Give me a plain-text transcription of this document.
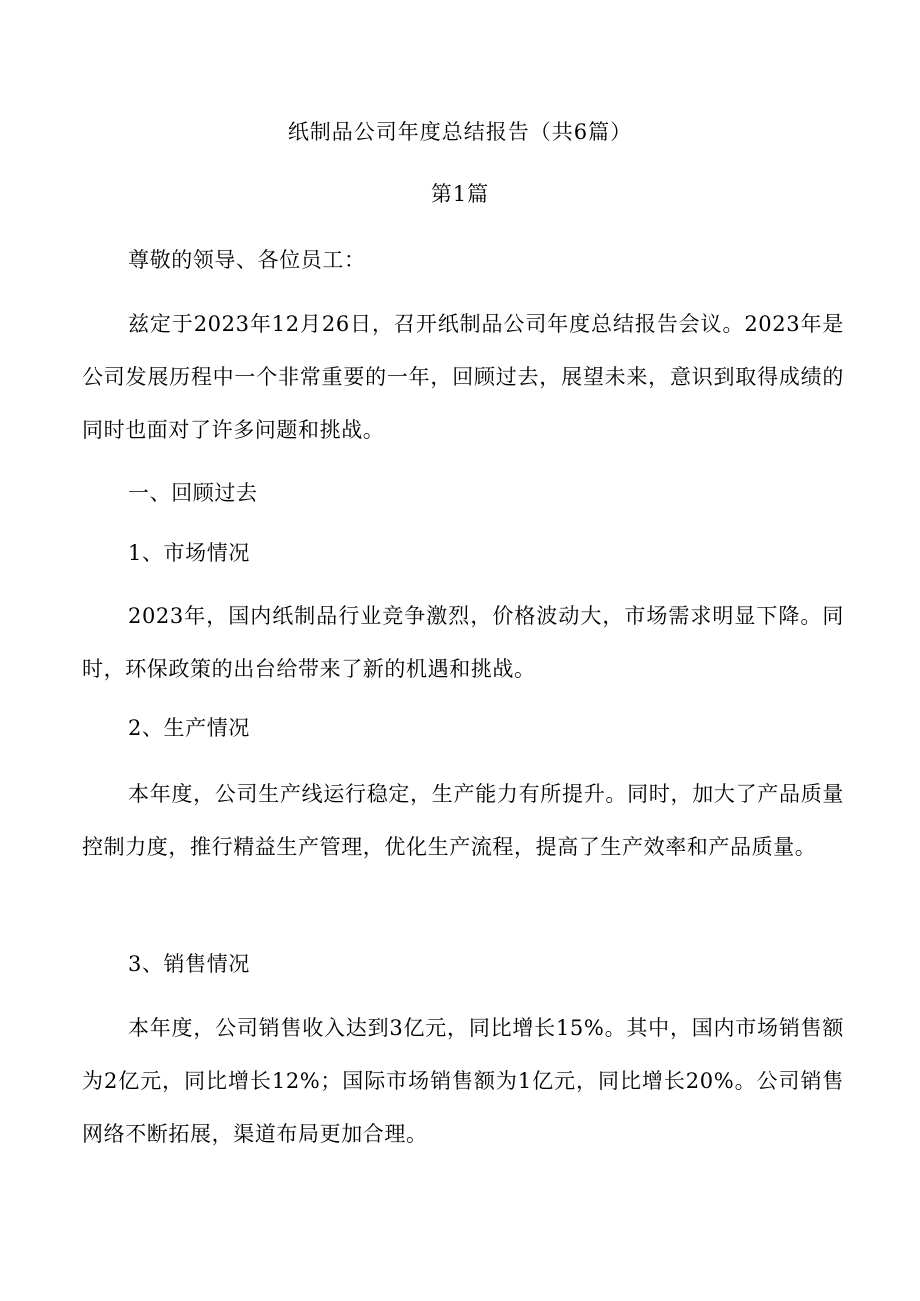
纸制品公司年度总结报告（共6篇）
第1篇
尊敬的领导、各位员工：

兹定于2023年12月26日，召开纸制品公司年度总结报告会议。2023年是公司发展历程中一个非常重要的一年，回顾过去，展望未来，意识到取得成绩的同时也面对了许多问题和挑战。

一、回顾过去
1、市场情况

2023年，国内纸制品行业竞争激烈，价格波动大，市场需求明显下降。同时，环保政策的出台给带来了新的机遇和挑战。

2、生产情况

本年度，公司生产线运行稳定，生产能力有所提升。同时，加大了产品质量控制力度，推行精益生产管理，优化生产流程，提高了生产效率和产品质量。

3、销售情况

本年度，公司销售收入达到3亿元，同比增长15%。其中，国内市场销售额为2亿元，同比增长12%；国际市场销售额为1亿元，同比增长20%。公司销售网络不断拓展，渠道布局更加合理。
